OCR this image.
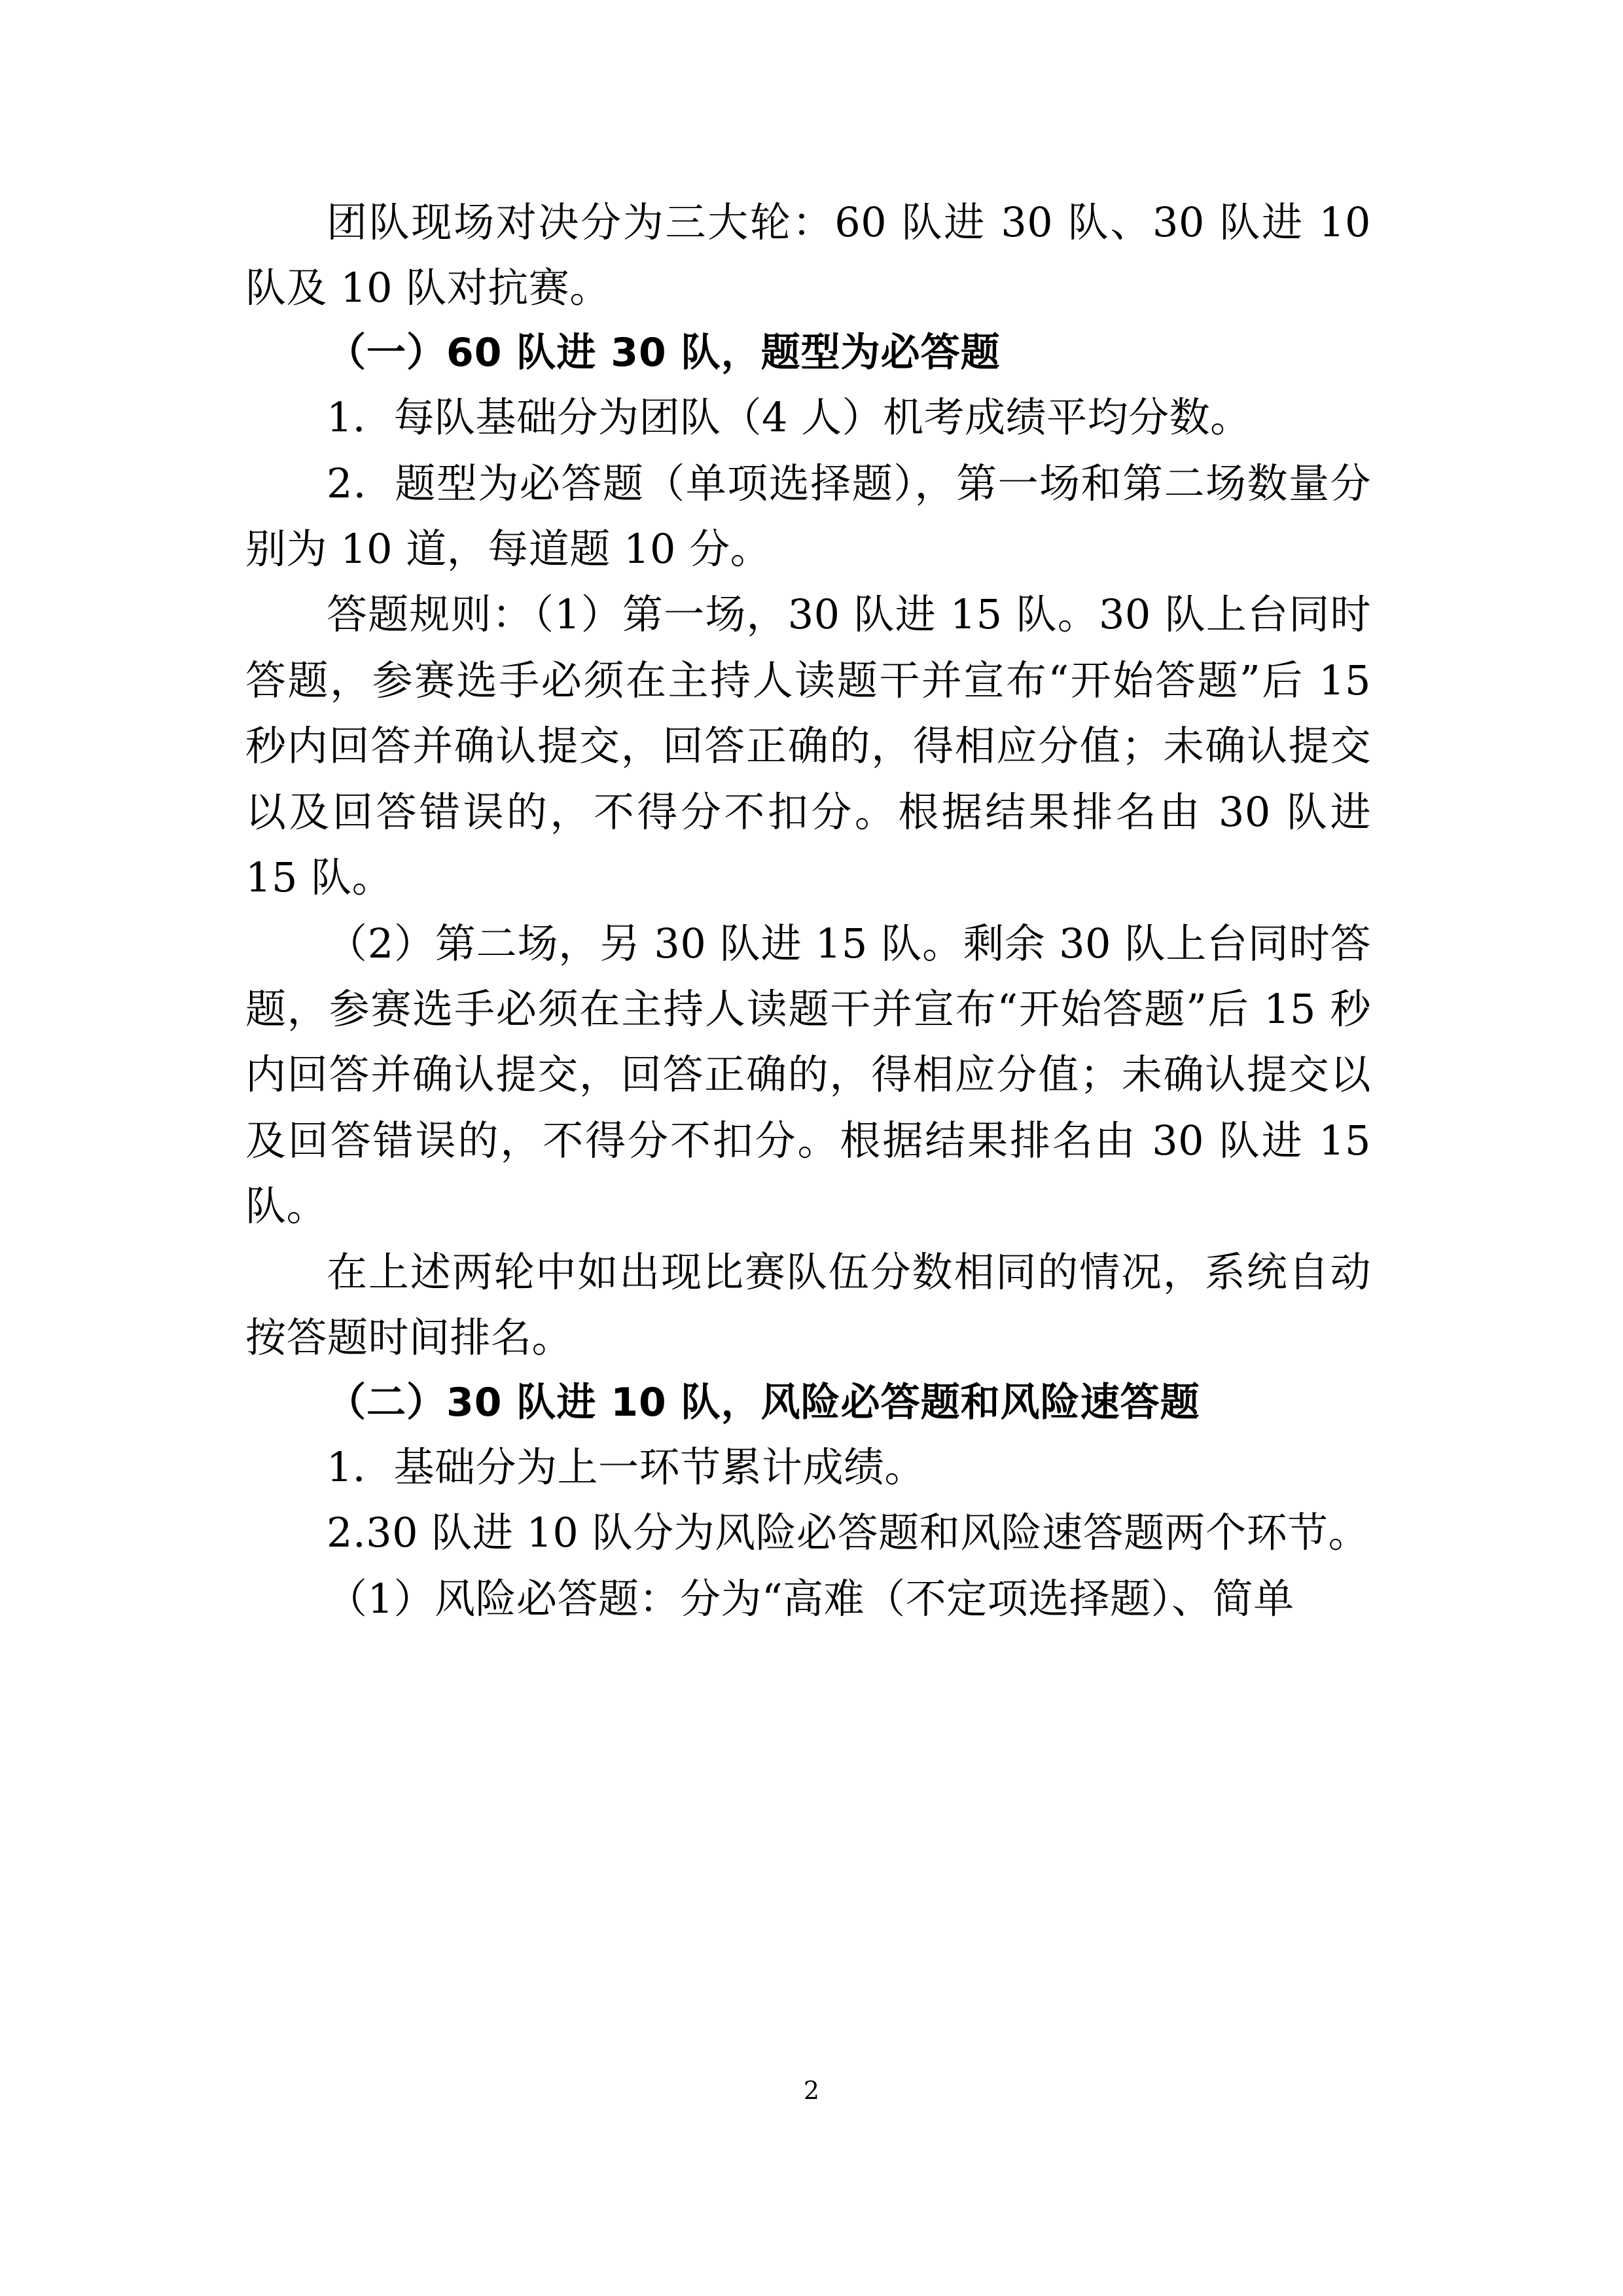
团队现场对决分为三大轮：60 队进 30 队、30 队进 10 队及 10 队对抗赛。

（一）60 队进 30 队，题型为必答题

1．每队基础分为团队（4 人）机考成绩平均分数。

2．题型为必答题（单项选择题），第一场和第二场数量分别为 10 道，每道题 10 分。

答题规则：（1）第一场，30 队进 15 队。30 队上台同时答题，参赛选手必须在主持人读题干并宣布“开始答题”后 15 秒内回答并确认提交，回答正确的，得相应分值；未确认提交以及回答错误的，不得分不扣分。根据结果排名由 30 队进 15 队。

（2）第二场，另 30 队进 15 队。剩余 30 队上台同时答题，参赛选手必须在主持人读题干并宣布“开始答题”后 15 秒内回答并确认提交，回答正确的，得相应分值；未确认提交以及回答错误的，不得分不扣分。根据结果排名由 30 队进 15 队。

在上述两轮中如出现比赛队伍分数相同的情况，系统自动按答题时间排名。

（二）30 队进 10 队，风险必答题和风险速答题

1．基础分为上一环节累计成绩。

2.30 队进 10 队分为风险必答题和风险速答题两个环节。

（1）风险必答题：分为“高难（不定项选择题）、简单

2
